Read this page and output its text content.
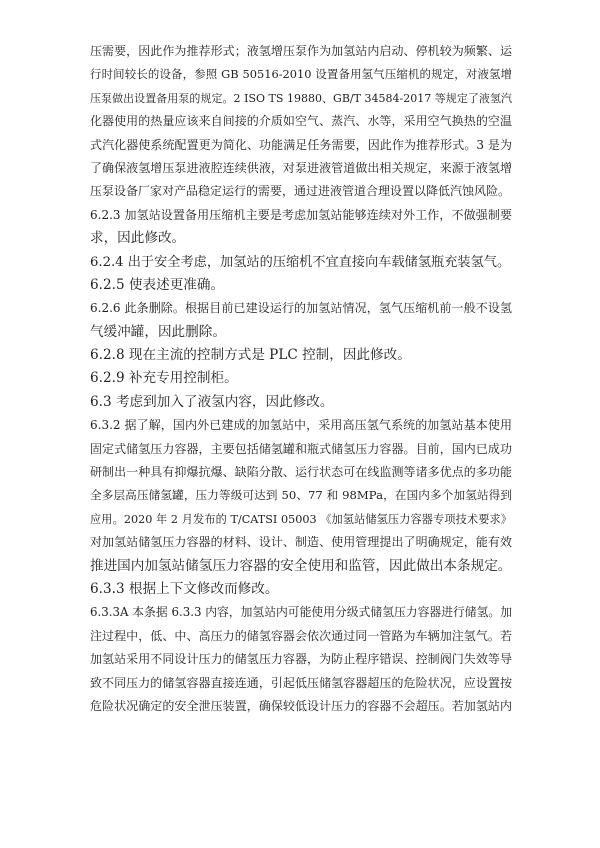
压需要，因此作为推荐形式；液氢增压泵作为加氢站内启动、停机较为频繁、运
行时间较长的设备，参照 GB 50516-2010 设置备用氢气压缩机的规定，对液氢增
压泵做出设置备用泵的规定。2 ISO TS 19880、GB/T 34584-2017 等规定了液氢汽
化器使用的热量应该来自间接的介质如空气、蒸汽、水等，采用空气换热的空温
式汽化器使系统配置更为简化、功能满足任务需要，因此作为推荐形式。3 是为
了确保液氢增压泵进液腔连续供液，对泵进液管道做出相关规定，来源于液氢增
压泵设备厂家对产品稳定运行的需要，通过进液管道合理设置以降低汽蚀风险。
6.2.3 加氢站设置备用压缩机主要是考虑加氢站能够连续对外工作，不做强制要
求，因此修改。
6.2.4 出于安全考虑，加氢站的压缩机不宜直接向车载储氢瓶充装氢气。
6.2.5 使表述更准确。
6.2.6 此条删除。根据目前已建设运行的加氢站情况，氢气压缩机前一般不设氢
气缓冲罐，因此删除。
6.2.8 现在主流的控制方式是 PLC 控制，因此修改。
6.2.9 补充专用控制柜。
6.3 考虑到加入了液氢内容，因此修改。
6.3.2 据了解，国内外已建成的加氢站中，采用高压氢气系统的加氢站基本使用
固定式储氢压力容器，主要包括储氢罐和瓶式储氢压力容器。目前，国内已成功
研制出一种具有抑爆抗爆、缺陷分散、运行状态可在线监测等诸多优点的多功能
全多层高压储氢罐，压力等级可达到 50、77 和 98MPa，在国内多个加氢站得到
应用。2020 年 2 月发布的 T/CATSI 05003 《加氢站储氢压力容器专项技术要求》
对加氢站储氢压力容器的材料、设计、制造、使用管理提出了明确规定，能有效
推进国内加氢站储氢压力容器的安全使用和监管，因此做出本条规定。
6.3.3 根据上下文修改而修改。
6.3.3A 本条据 6.3.3 内容，加氢站内可能使用分级式储氢压力容器进行储氢。加
注过程中，低、中、高压力的储氢容器会依次通过同一管路为车辆加注氢气。若
加氢站采用不同设计压力的储氢压力容器，为防止程序错误、控制阀门失效等导
致不同压力的储氢容器直接连通，引起低压储氢容器超压的危险状况，应设置按
危险状况确定的安全泄压装置，确保较低设计压力的容器不会超压。若加氢站内
